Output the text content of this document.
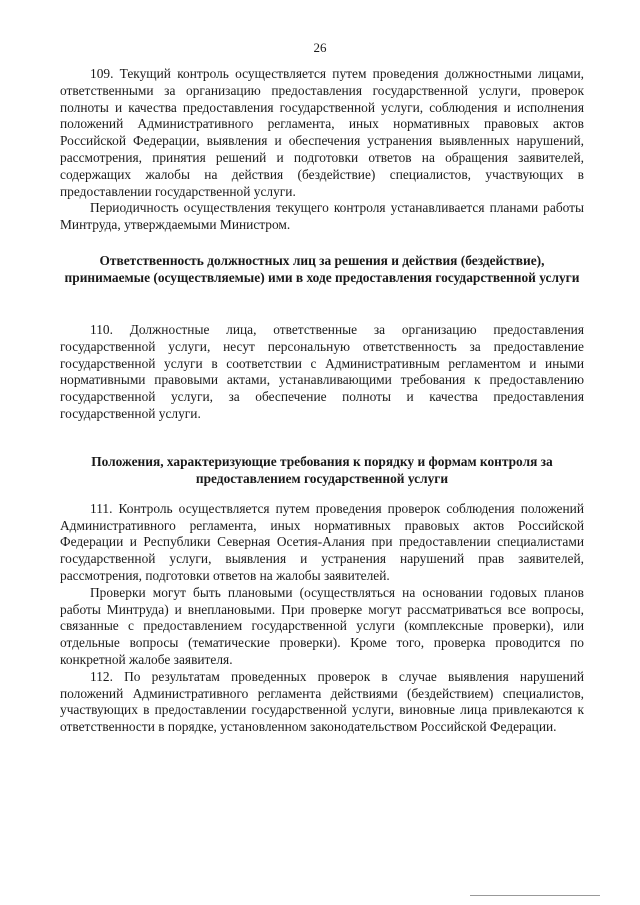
26

109. Текущий контроль осуществляется путем проведения должностными лицами, ответственными за организацию предоставления государственной услуги, проверок полноты и качества предоставления государственной услуги, соблюдения и исполнения положений Административного регламента, иных нормативных правовых актов Российской Федерации, выявления и обеспечения устранения выявленных нарушений, рассмотрения, принятия решений и подготовки ответов на обращения заявителей, содержащих жалобы на действия (бездействие) специалистов, участвующих в предоставлении государственной услуги.

Периодичность осуществления текущего контроля устанавливается планами работы Минтруда, утверждаемыми Министром.

Ответственность должностных лиц за решения и действия (бездействие), принимаемые (осуществляемые) ими в ходе предоставления государственной услуги

110. Должностные лица, ответственные за организацию предоставления государственной услуги, несут персональную ответственность за предоставление государственной услуги в соответствии с Административным регламентом и иными нормативными правовыми актами, устанавливающими требования к предоставлению государственной услуги, за обеспечение полноты и качества предоставления государственной услуги.

Положения, характеризующие требования к порядку и формам контроля за предоставлением государственной услуги

111. Контроль осуществляется путем проведения проверок соблюдения положений Административного регламента, иных нормативных правовых актов Российской Федерации и Республики Северная Осетия-Алания при предоставлении специалистами государственной услуги, выявления и устранения нарушений прав заявителей, рассмотрения, подготовки ответов на жалобы заявителей.

Проверки могут быть плановыми (осуществляться на основании годовых планов работы Минтруда) и внеплановыми. При проверке могут рассматриваться все вопросы, связанные с предоставлением государственной услуги (комплексные проверки), или отдельные вопросы (тематические проверки). Кроме того, проверка проводится по конкретной жалобе заявителя.

112. По результатам проведенных проверок в случае выявления нарушений положений Административного регламента действиями (бездействием) специалистов, участвующих в предоставлении государственной услуги, виновные лица привлекаются к ответственности в порядке, установленном законодательством Российской Федерации.
